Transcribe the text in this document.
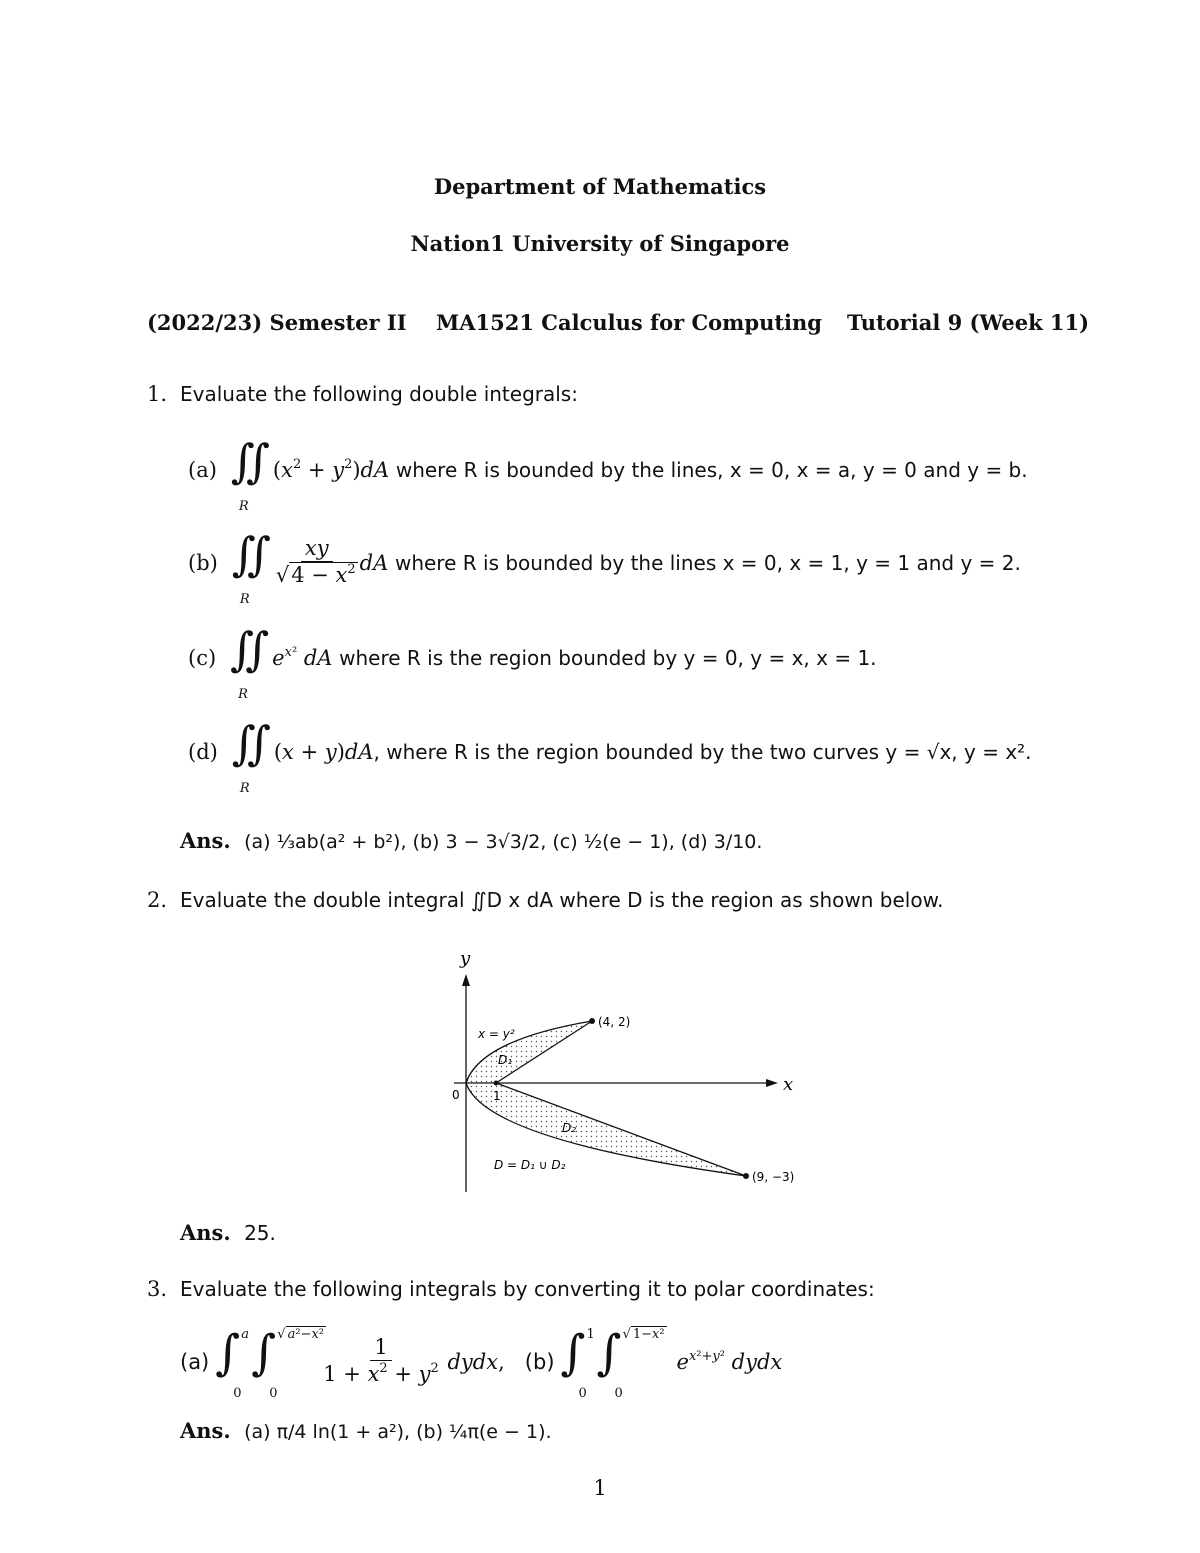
Department of Mathematics
Nation1 University of Singapore
(2022/23) Semester II MA1521 Calculus for Computing Tutorial 9 (Week 11)
1. Evaluate the following double integrals:
(a) ∬
R
$(x^2 + y^2)dA$ where R is bounded by the lines, x = 0, x = a, y = 0 and y = b.
(b) ∬
R
$\frac{xy}{√4 - x^2}$ dA
where R is bounded by the lines x = 0, x = 1, y = 1 and y = 2.
(c) ∬
R
$e^{x^2}$ dA where R is the region bounded by y = 0, y = x, x = 1.
(d) ∬
R
(x + y)dA , where R is the region bounded by the two curves y = √x, y = x².
Ans. (a) ⅓ab(a² + b²), (b) 3 − 3√3/2, (c) ½(e − 1), (d) 3/10.
2. Evaluate the double integral ∬D x dA where D is the region as shown below.
y
x
0	1
x = y²
D₁
D₂
D = D₁ ∪ D₂
(4, 2)
(9, −3)
Ans. 25.
3. Evaluate the following integrals by converting it to polar coordinates:
(a) ∫ a
0
∫ √ a²−x²
0
$\frac{1}{1 + x^2 + y^2}$ dydx , (b) ∫ 1
0
∫ √ 1−x²
0
$e^{x^2+y^2}$ dydx
Ans. (a) π/4 ln(1 + a²), (b) ¼π(e − 1).
1
